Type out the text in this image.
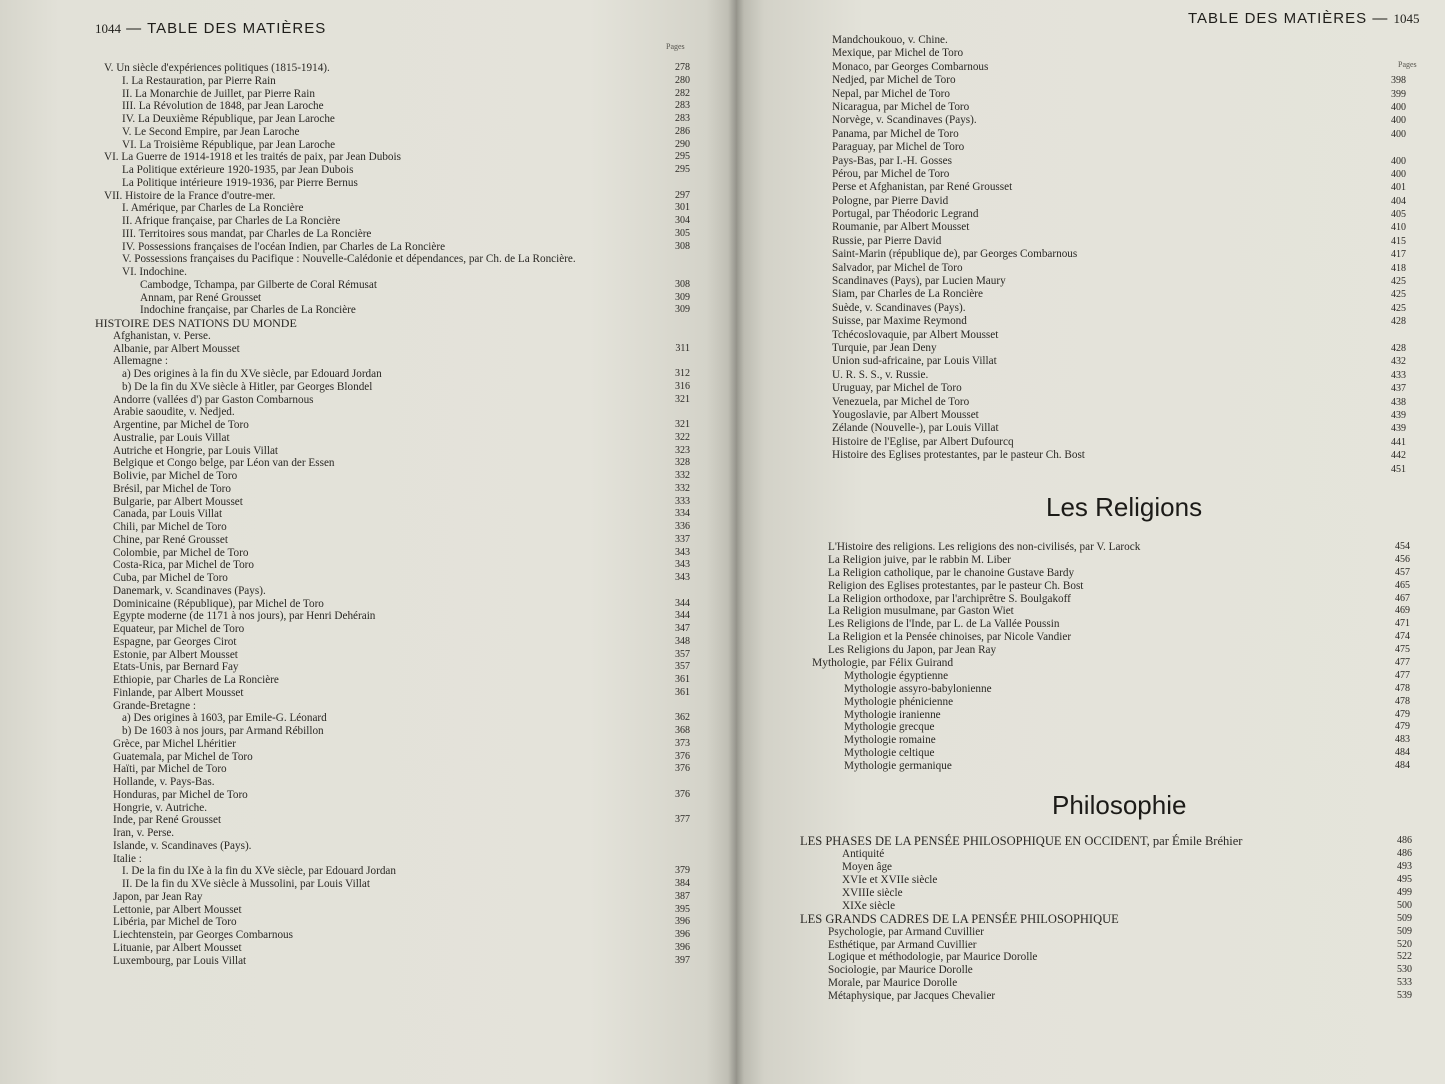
1044 — TABLE DES MATIÈRES
Pages
V. Un siècle d'expériences politiques (1815-1914).	278
I. La Restauration, par Pierre Rain	280
II. La Monarchie de Juillet, par Pierre Rain	282
III. La Révolution de 1848, par Jean Laroche	283
IV. La Deuxième République, par Jean Laroche	283
V. Le Second Empire, par Jean Laroche	286
VI. La Troisième République, par Jean Laroche	290
VI. La Guerre de 1914-1918 et les traités de paix, par Jean Dubois	295
La Politique extérieure 1920-1935, par Jean Dubois	295
La Politique intérieure 1919-1936, par Pierre Bernus
VII. Histoire de la France d'outre-mer.	297
I. Amérique, par Charles de La Roncière	301
II. Afrique française, par Charles de La Roncière	304
III. Territoires sous mandat, par Charles de La Roncière	305
IV. Possessions françaises de l'océan Indien, par Charles de La Roncière	308
V. Possessions françaises du Pacifique : Nouvelle-Calédonie et dépendances, par Ch. de La Roncière.
VI. Indochine.
Cambodge, Tchampa, par Gilberte de Coral Rémusat	308
Annam, par René Grousset	309
Indochine française, par Charles de La Roncière	309
HISTOIRE DES NATIONS DU MONDE
Afghanistan, v. Perse.
Albanie, par Albert Mousset	311
Allemagne :
a) Des origines à la fin du XVe siècle, par Edouard Jordan	312
b) De la fin du XVe siècle à Hitler, par Georges Blondel	316
Andorre (vallées d') par Gaston Combarnous	321
Arabie saoudite, v. Nedjed.
Argentine, par Michel de Toro	321
Australie, par Louis Villat	322
Autriche et Hongrie, par Louis Villat	323
Belgique et Congo belge, par Léon van der Essen	328
Bolivie, par Michel de Toro	332
Brésil, par Michel de Toro	332
Bulgarie, par Albert Mousset	333
Canada, par Louis Villat	334
Chili, par Michel de Toro	336
Chine, par René Grousset	337
Colombie, par Michel de Toro	343
Costa-Rica, par Michel de Toro	343
Cuba, par Michel de Toro	343
Danemark, v. Scandinaves (Pays).
Dominicaine (République), par Michel de Toro	344
Egypte moderne (de 1171 à nos jours), par Henri Dehérain	344
Equateur, par Michel de Toro	347
Espagne, par Georges Cirot	348
Estonie, par Albert Mousset	357
Etats-Unis, par Bernard Fay	357
Ethiopie, par Charles de La Roncière	361
Finlande, par Albert Mousset	361
Grande-Bretagne :
a) Des origines à 1603, par Emile-G. Léonard	362
b) De 1603 à nos jours, par Armand Rébillon	368
Grèce, par Michel Lhéritier	373
Guatemala, par Michel de Toro	376
Haïti, par Michel de Toro	376
Hollande, v. Pays-Bas.
Honduras, par Michel de Toro	376
Hongrie, v. Autriche.
Inde, par René Grousset	377
Iran, v. Perse.
Islande, v. Scandinaves (Pays).
Italie :
I. De la fin du IXe à la fin du XVe siècle, par Edouard Jordan	379
II. De la fin du XVe siècle à Mussolini, par Louis Villat	384
Japon, par Jean Ray	387
Lettonie, par Albert Mousset	395
Libéria, par Michel de Toro	396
Liechtenstein, par Georges Combarnous	396
Lituanie, par Albert Mousset	396
Luxembourg, par Louis Villat	397
TABLE DES MATIÈRES — 1045
Pages
Mandchoukouo, v. Chine.
Mexique, par Michel de Toro
Monaco, par Georges Combarnous
Nedjed, par Michel de Toro	398
Nepal, par Michel de Toro	399
Nicaragua, par Michel de Toro	400
Norvège, v. Scandinaves (Pays).	400
Panama, par Michel de Toro	400
Paraguay, par Michel de Toro
Pays-Bas, par I.-H. Gosses	400
Pérou, par Michel de Toro	400
Perse et Afghanistan, par René Grousset	401
Pologne, par Pierre David	404
Portugal, par Théodoric Legrand	405
Roumanie, par Albert Mousset	410
Russie, par Pierre David	415
Saint-Marin (république de), par Georges Combarnous	417
Salvador, par Michel de Toro	418
Scandinaves (Pays), par Lucien Maury	425
Siam, par Charles de La Roncière	425
Suède, v. Scandinaves (Pays).	425
Suisse, par Maxime Reymond	428
Tchécoslovaquie, par Albert Mousset
Turquie, par Jean Deny	428
Union sud-africaine, par Louis Villat	432
U. R. S. S., v. Russie.	433
Uruguay, par Michel de Toro	437
Venezuela, par Michel de Toro	438
Yougoslavie, par Albert Mousset	439
Zélande (Nouvelle-), par Louis Villat	439
Histoire de l'Eglise, par Albert Dufourcq	441
Histoire des Eglises protestantes, par le pasteur Ch. Bost	442
451
Les Religions
L'Histoire des religions. Les religions des non-civilisés, par V. Larock	454
La Religion juive, par le rabbin M. Liber	456
La Religion catholique, par le chanoine Gustave Bardy	457
Religion des Eglises protestantes, par le pasteur Ch. Bost	465
La Religion orthodoxe, par l'archiprêtre S. Boulgakoff	467
La Religion musulmane, par Gaston Wiet	469
Les Religions de l'Inde, par L. de La Vallée Poussin	471
La Religion et la Pensée chinoises, par Nicole Vandier	474
Les Religions du Japon, par Jean Ray	475
Mythologie, par Félix Guirand	477
Mythologie égyptienne	477
Mythologie assyro-babylonienne	478
Mythologie phénicienne	478
Mythologie iranienne	479
Mythologie grecque	479
Mythologie romaine	483
Mythologie celtique	484
Mythologie germanique	484
Philosophie
LES PHASES DE LA PENSÉE PHILOSOPHIQUE EN OCCIDENT, par Émile Bréhier	486
Antiquité	486
Moyen âge	493
XVIe et XVIIe siècle	495
XVIIIe siècle	499
XIXe siècle	500
LES GRANDS CADRES DE LA PENSÉE PHILOSOPHIQUE	509
Psychologie, par Armand Cuvillier	509
Esthétique, par Armand Cuvillier	520
Logique et méthodologie, par Maurice Dorolle	522
Sociologie, par Maurice Dorolle	530
Morale, par Maurice Dorolle	533
Métaphysique, par Jacques Chevalier	539
